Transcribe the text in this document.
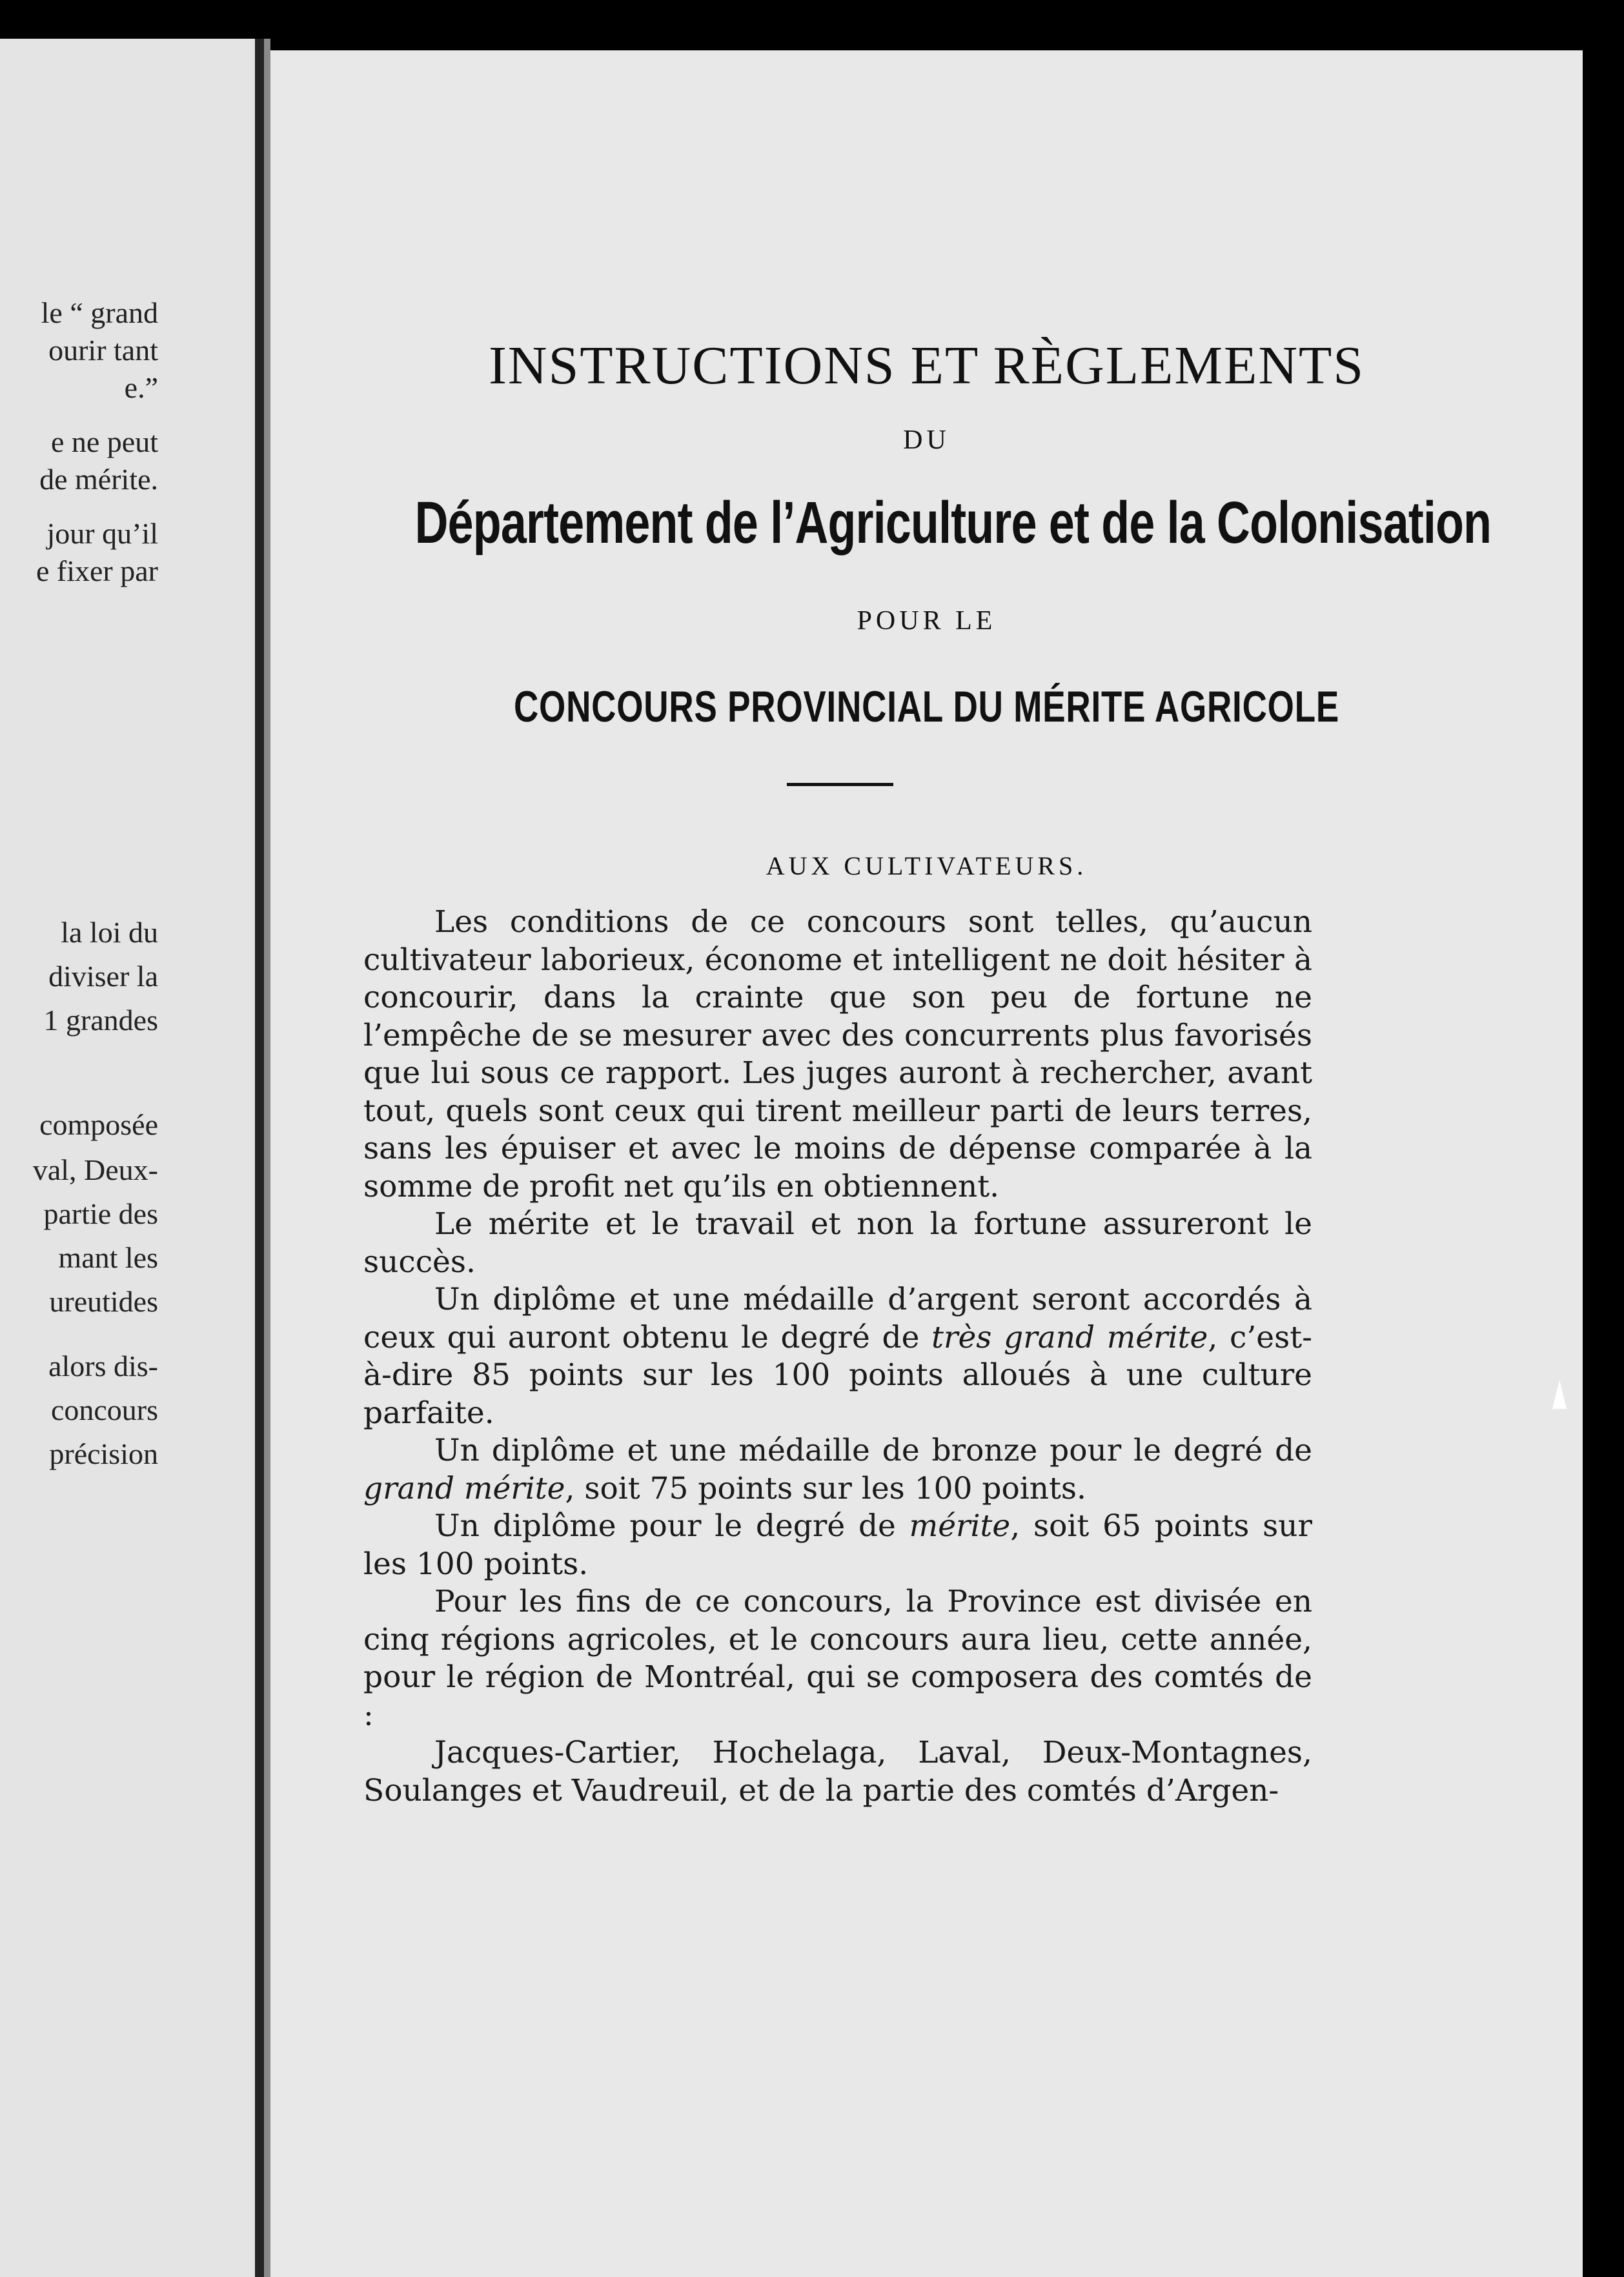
le “ grand
ourir tant
e.”
e ne peut
de mérite.
jour qu’il
e fixer par
la loi du
diviser la
1 grandes
composée
val, Deux-
partie des
mant les
ureutides
alors dis-
concours
précision
INSTRUCTIONS ET RÈGLEMENTS
DU
Département de l’Agriculture et de la Colonisation
POUR LE
CONCOURS PROVINCIAL DU MÉRITE AGRICOLE
AUX CULTIVATEURS.

Les conditions de ce concours sont telles, qu’aucun cultivateur laborieux, économe et intelligent ne doit hésiter à concourir, dans la crainte que son peu de fortune ne l’empêche de se mesurer avec des concurrents plus favorisés que lui sous ce rapport. Les juges auront à rechercher, avant tout, quels sont ceux qui tirent meilleur parti de leurs terres, sans les épuiser et avec le moins de dépense comparée à la somme de profit net qu’ils en obtiennent.

Le mérite et le travail et non la fortune assureront le succès.

Un diplôme et une médaille d’argent seront accordés à ceux qui auront obtenu le degré de très grand mérite, c’est-à-dire 85 points sur les 100 points alloués à une culture parfaite.

Un diplôme et une médaille de bronze pour le degré de grand mérite, soit 75 points sur les 100 points.

Un diplôme pour le degré de mérite, soit 65 points sur les 100 points.

Pour les fins de ce concours, la Province est divisée en cinq régions agricoles, et le concours aura lieu, cette année, pour le région de Montréal, qui se composera des comtés de :

Jacques-Cartier, Hochelaga, Laval, Deux-Montagnes, Soulanges et Vaudreuil, et de la partie des comtés d’Argen-
